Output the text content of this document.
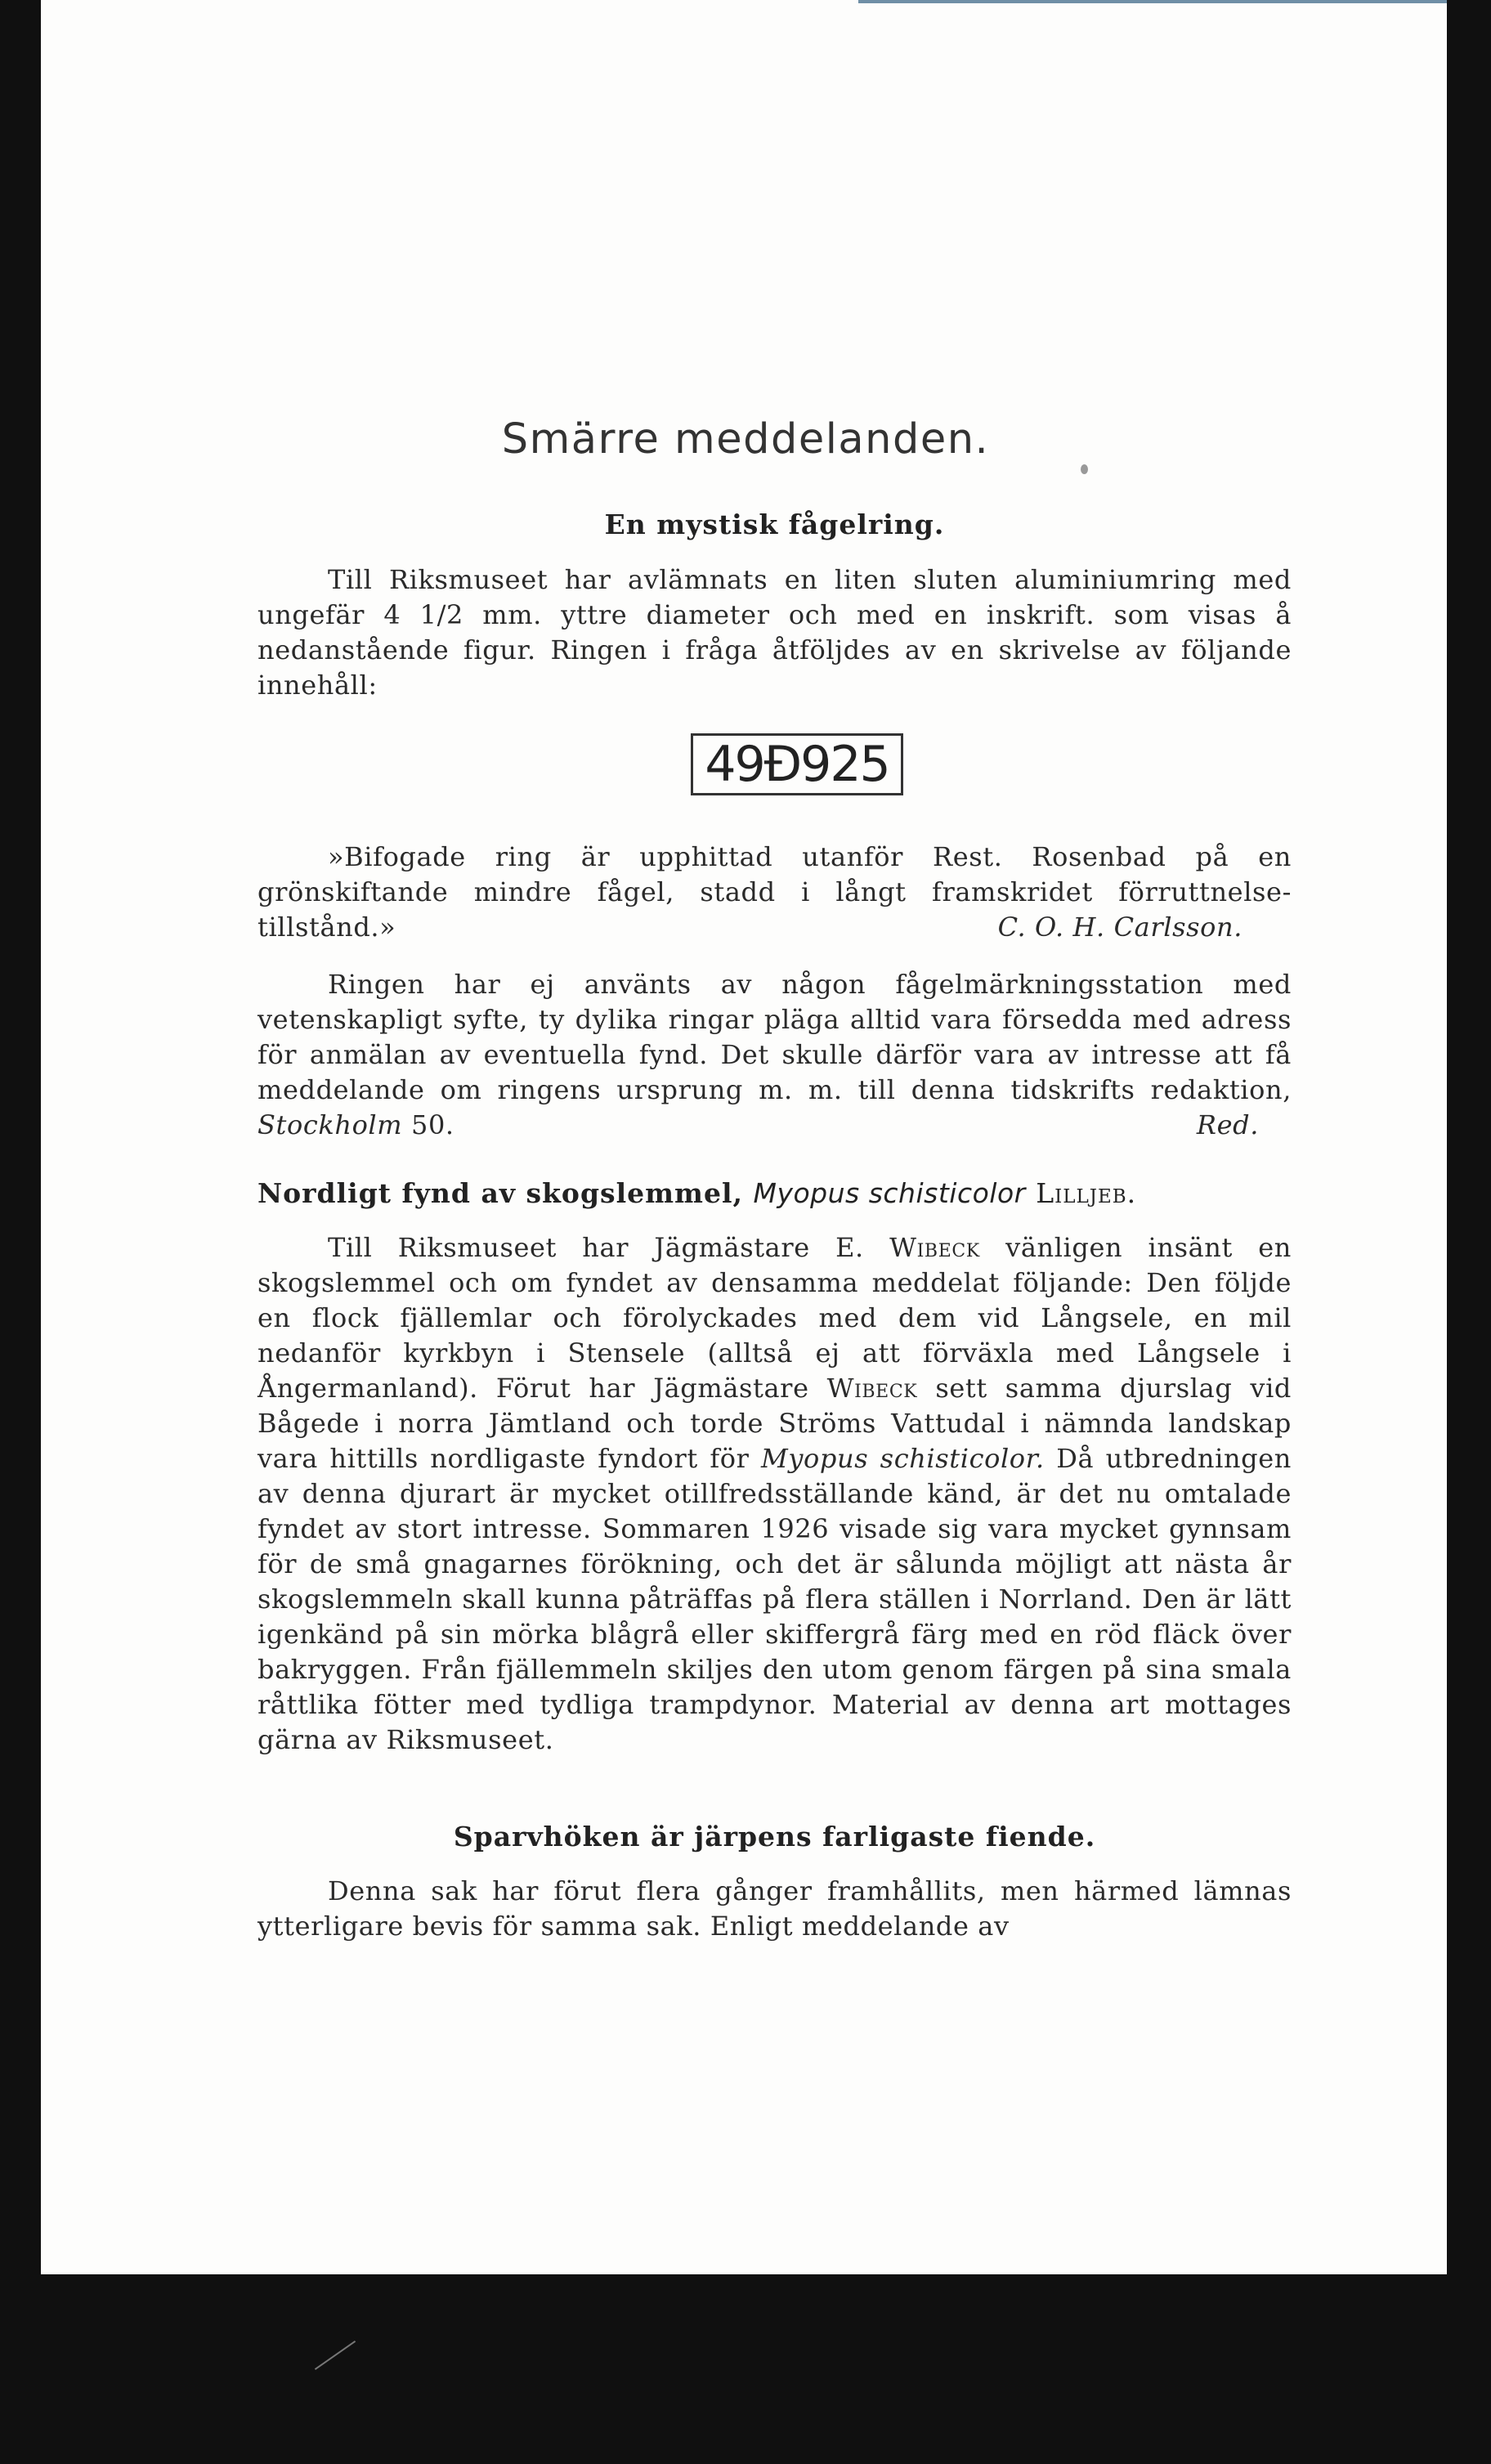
Smärre meddelanden.
En mystisk fågelring.

Till Riksmuseet har avlämnats en liten sluten aluminiumring med ungefär 4 1/2 mm. yttre diameter och med en inskrift. som visas å nedanstående figur. Ringen i fråga åtföljdes av en skrivelse av följande innehåll:

49Ð925

»Bifogade ring är upphittad utanför Rest. Rosenbad på en grönskiftande mindre fågel, stadd i långt framskridet förruttnelse-tillstånd.»	C. O. H. Carlsson.

Ringen har ej använts av någon fågelmärkningsstation med vetenskapligt syfte, ty dylika ringar pläga alltid vara försedda med adress för anmälan av eventuella fynd. Det skulle därför vara av intresse att få meddelande om ringens ursprung m. m. till denna tidskrifts redaktion, Stockholm 50.	Red.
Nordligt fynd av skogslemmel, Myopus schisticolor Lilljeb.

Till Riksmuseet har Jägmästare E. Wibeck vänligen insänt en skogslemmel och om fyndet av densamma meddelat följande: Den följde en flock fjällemlar och förolyckades med dem vid Långsele, en mil nedanför kyrkbyn i Stensele (alltså ej att förväxla med Långsele i Ångermanland). Förut har Jägmästare Wibeck sett samma djurslag vid Bågede i norra Jämtland och torde Ströms Vattudal i nämnda landskap vara hittills nordligaste fyndort för Myopus schisticolor. Då utbredningen av denna djurart är mycket otillfredsställande känd, är det nu omtalade fyndet av stort intresse. Sommaren 1926 visade sig vara mycket gynnsam för de små gnagarnes förökning, och det är sålunda möjligt att nästa år skogslemmeln skall kunna påträffas på flera ställen i Norrland. Den är lätt igenkänd på sin mörka blågrå eller skiffergrå färg med en röd fläck över bakryggen. Från fjällemmeln skiljes den utom genom färgen på sina smala råttlika fötter med tydliga trampdynor. Material av denna art mottages gärna av Riksmuseet.

Sparvhöken är järpens farligaste fiende.

Denna sak har förut flera gånger framhållits, men härmed lämnas ytterligare bevis för samma sak. Enligt meddelande av
